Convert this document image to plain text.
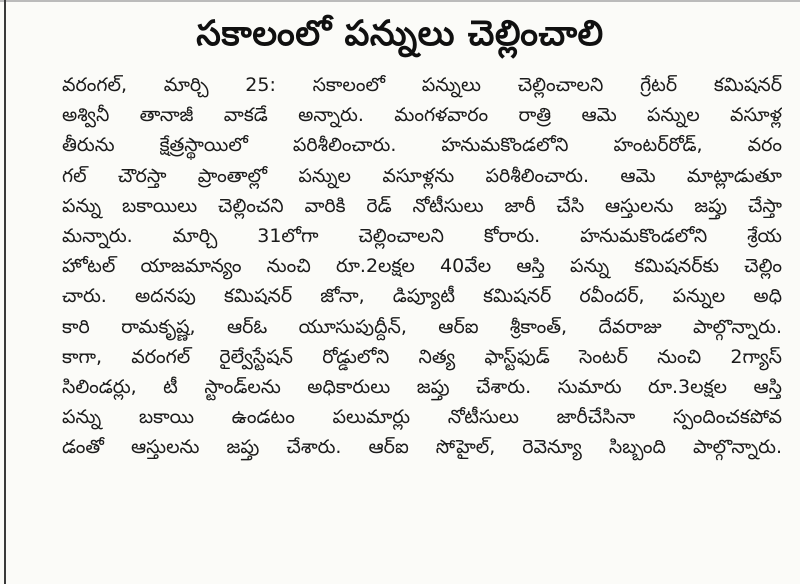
సకాలంలో పన్నులు చెల్లించాలి
వరంగల్, మార్చి 25: సకాలంలో పన్నులు చెల్లించాలని గ్రేటర్ కమిషనర్
అశ్వినీ తానాజీ వాకడే అన్నారు. మంగళవారం రాత్రి ఆమె పన్నుల వసూళ్ల
తీరును క్షేత్రస్థాయిలో పరిశీలించారు. హనుమకొండలోని హంటర్‌రోడ్, వరం
గల్ చౌరస్తా ప్రాంతాల్లో పన్నుల వసూళ్లను పరిశీలించారు. ఆమె మాట్లాడుతూ
పన్ను బకాయిలు చెల్లించని వారికి రెడ్ నోటీసులు జారీ చేసి ఆస్తులను జప్తు చేస్తా
మన్నారు. మార్చి 31లోగా చెల్లించాలని కోరారు. హనుమకొండలోని శ్రేయ
హోటల్ యాజమాన్యం నుంచి రూ.2లక్షల 40వేల ఆస్తి పన్ను కమిషనర్‌కు చెల్లిం
చారు. అదనపు కమిషనర్ జోనా, డిప్యూటీ కమిషనర్ రవీందర్, పన్నుల అధి
కారి రామకృష్ణ, ఆర్‌ఓ యూసుపుద్దీన్, ఆర్‌ఐ శ్రీకాంత్, దేవరాజు పాల్గొన్నారు.
కాగా, వరంగల్ రైల్వేస్టేషన్ రోడ్డులోని నిత్య ఫాస్ట్‌ఫుడ్ సెంటర్ నుంచి 2గ్యాస్
సిలిండర్లు, టీ స్టాండ్‌లను అధికారులు జప్తు చేశారు. సుమారు రూ.3లక్షల ఆస్తి
పన్ను బకాయి ఉండటం పలుమార్లు నోటీసులు జారీచేసినా స్పందించకపోవ
డంతో ఆస్తులను జప్తు చేశారు. ఆర్‌ఐ సోహైల్, రెవెన్యూ సిబ్బంది పాల్గొన్నారు.
